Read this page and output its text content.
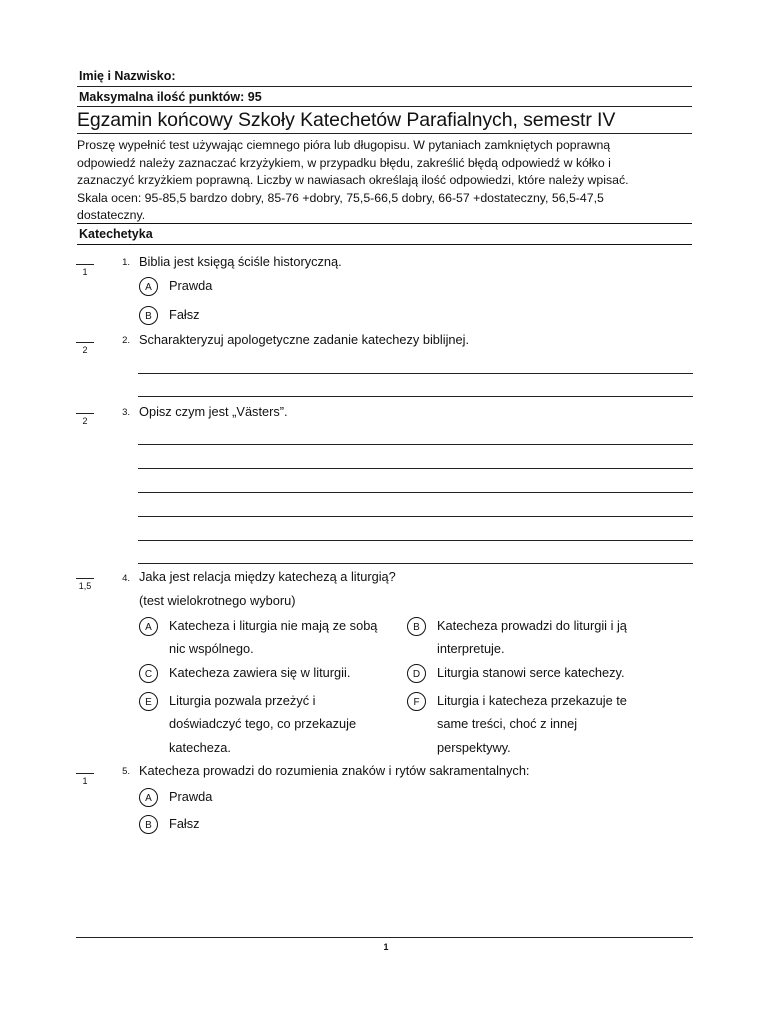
Imię i Nazwisko:
Maksymalna ilość punktów: 95
Egzamin końcowy Szkoły Katechetów Parafialnych, semestr IV
Proszę wypełnić test używając ciemnego pióra lub długopisu. W pytaniach zamkniętych poprawną
odpowiedź należy zaznaczać krzyżykiem, w przypadku błędu, zakreślić błędą odpowiedź w kółko i
zaznaczyć krzyżkiem poprawną. Liczby w nawiasach określają ilość odpowiedzi, które należy wpisać.
Skala ocen: 95-85,5 bardzo dobry, 85-76 +dobry, 75,5-66,5 dobry, 66-57 +dostateczny, 56,5-47,5
dostateczny.
Katechetyka
1
1. Biblia jest księgą ściśle historyczną.
A	Prawda
B	Fałsz
2
2. Scharakteryzuj apologetyczne zadanie katechezy biblijnej.
2
3. Opisz czym jest „Västers”.
1,5
4. Jaka jest relacja między katechezą a liturgią?
(test wielokrotnego wyboru)
A	Katecheza i liturgia nie mają ze sobą
nic wspólnego.
B	Katecheza prowadzi do liturgii i ją
interpretuje.
C	Katecheza zawiera się w liturgii.	D	Liturgia stanowi serce katechezy.
E	Liturgia pozwala przeżyć i
doświadczyć tego, co przekazuje
katecheza.
F	Liturgia i katecheza przekazuje te
same treści, choć z innej
perspektywy.
1
5. Katecheza prowadzi do rozumienia znaków i rytów sakramentalnych:
A	Prawda
B	Fałsz
1
